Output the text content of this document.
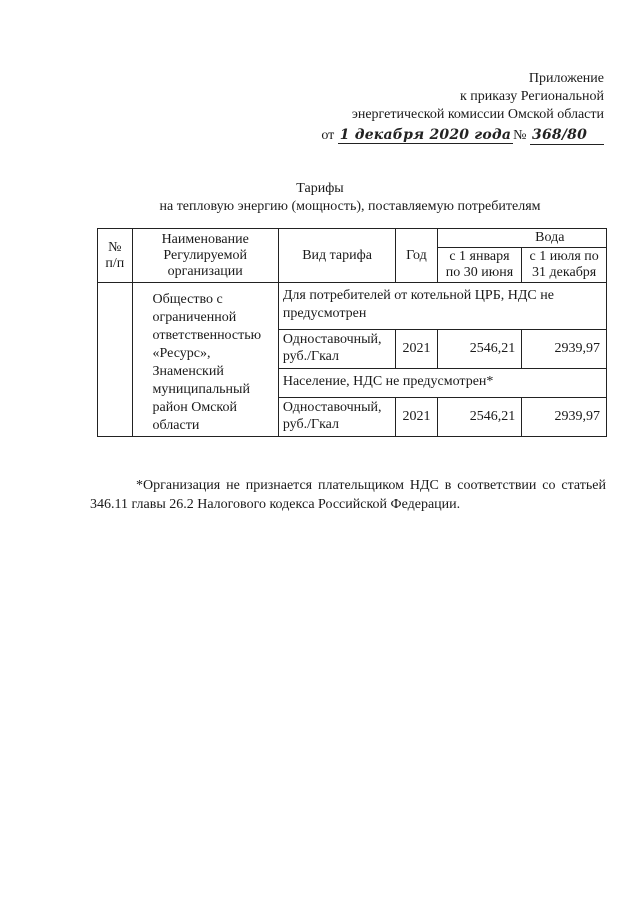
Приложение
к приказу Региональной
энергетической комиссии Омской области
от 1 декабря 2020 года № 368/80
Тарифы
на тепловую энергию (мощность), поставляемую потребителям
№ п/п	Наименование Регулируемой организации	Вид тарифа	Год	Вода	
				с 1 января по 30 июня	с 1 июля по 31 декабря
	Общество с ограниченной ответственностью «Ресурс», Знаменский муниципальный район Омской области	Для потребителей от котельной ЦРБ, НДС не предусмотрен			
		Одноставочный, руб./Гкал	2021	2546,21	2939,97
		Население, НДС не предусмотрен*			
		Одноставочный, руб./Гкал	2021	2546,21	2939,97
*Организация не признается плательщиком НДС в соответствии со статьей 346.11 главы 26.2 Налогового кодекса Российской Федерации.
